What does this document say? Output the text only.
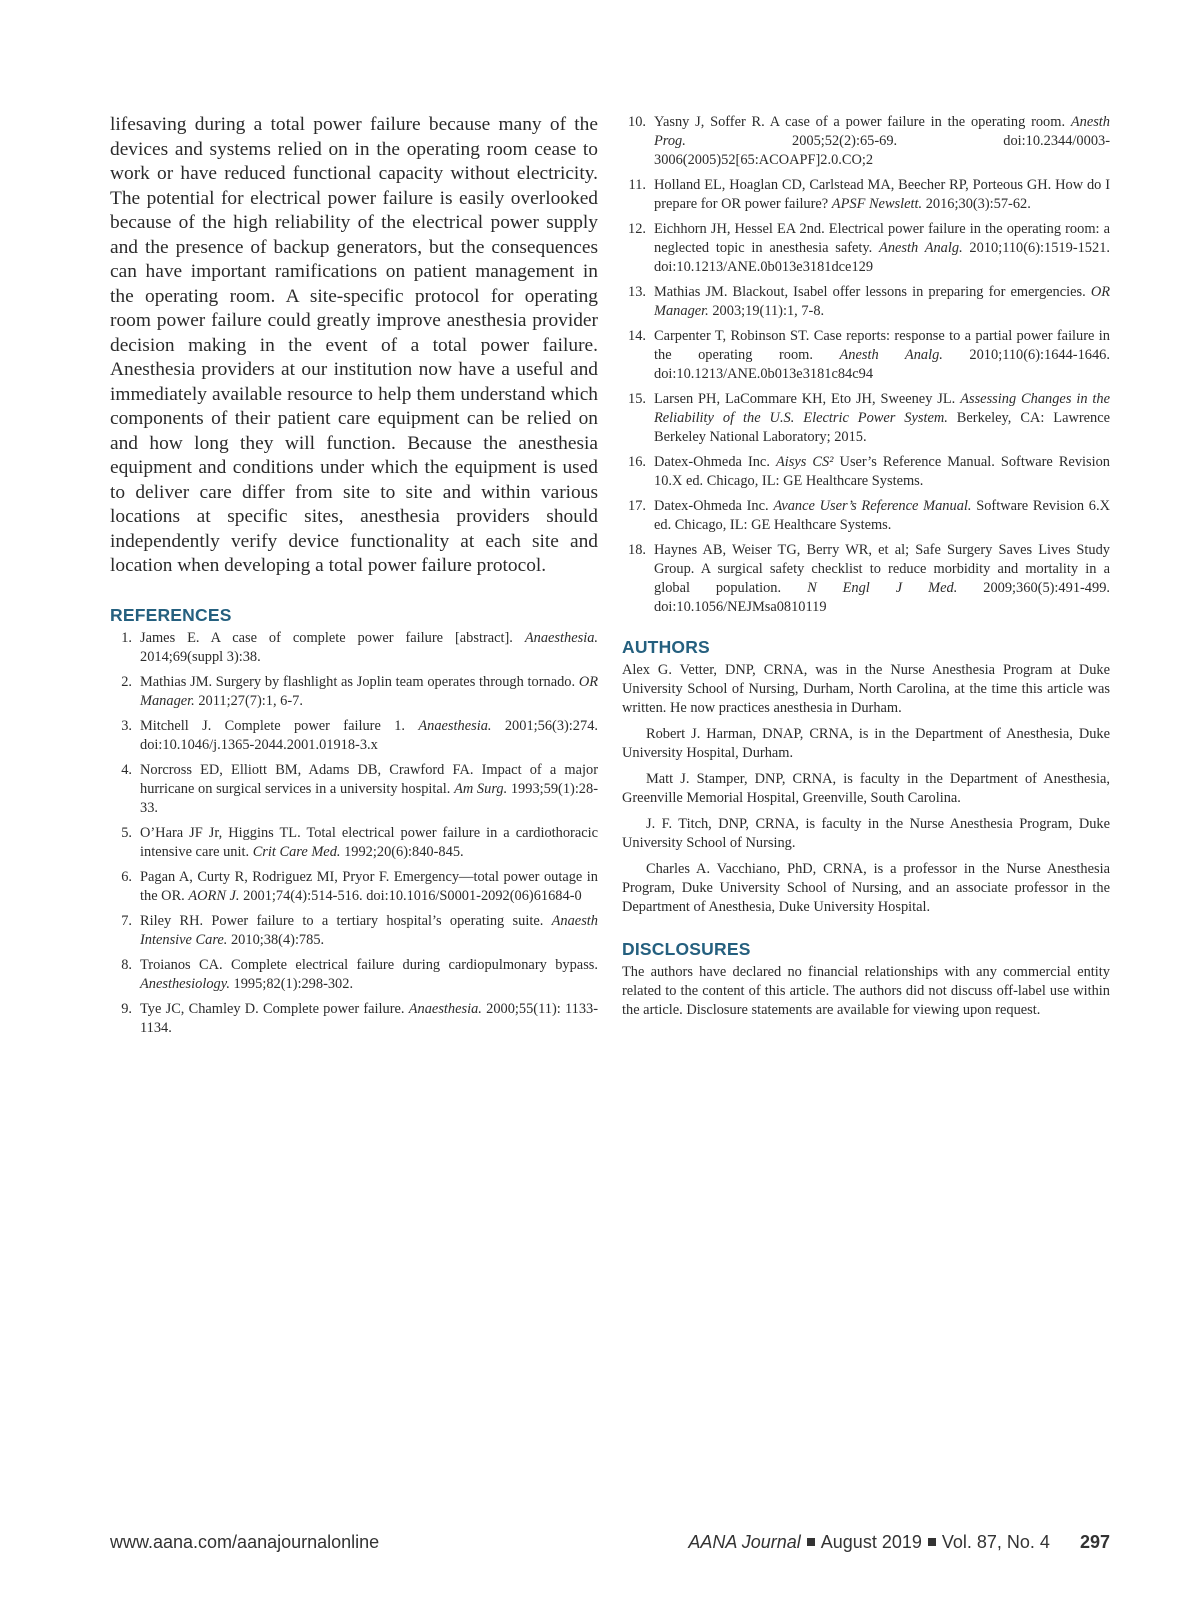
lifesaving during a total power failure because many of the devices and systems relied on in the operating room cease to work or have reduced functional capacity without electricity. The potential for electrical power failure is easily overlooked because of the high reliability of the electrical power supply and the presence of backup generators, but the consequences can have important ramifications on patient management in the operating room. A site-specific protocol for operating room power failure could greatly improve anesthesia provider decision making in the event of a total power failure. Anesthesia providers at our institution now have a useful and immediately available resource to help them understand which components of their patient care equipment can be relied on and how long they will function. Because the anesthesia equipment and conditions under which the equipment is used to deliver care differ from site to site and within various locations at specific sites, anesthesia providers should independently verify device functionality at each site and location when developing a total power failure protocol.

REFERENCES
1. James E. A case of complete power failure [abstract]. Anaesthesia. 2014;69(suppl 3):38.
2. Mathias JM. Surgery by flashlight as Joplin team operates through tornado. OR Manager. 2011;27(7):1, 6-7.
3. Mitchell J. Complete power failure 1. Anaesthesia. 2001;56(3):274. doi:10.1046/j.1365-2044.2001.01918-3.x
4. Norcross ED, Elliott BM, Adams DB, Crawford FA. Impact of a major hurricane on surgical services in a university hospital. Am Surg. 1993;59(1):28-33.
5. O’Hara JF Jr, Higgins TL. Total electrical power failure in a cardiothoracic intensive care unit. Crit Care Med. 1992;20(6):840-845.
6. Pagan A, Curty R, Rodriguez MI, Pryor F. Emergency—total power outage in the OR. AORN J. 2001;74(4):514-516. doi:10.1016/S0001-2092(06)61684-0
7. Riley RH. Power failure to a tertiary hospital’s operating suite. Anaesth Intensive Care. 2010;38(4):785.
8. Troianos CA. Complete electrical failure during cardiopulmonary bypass. Anesthesiology. 1995;82(1):298-302.
9. Tye JC, Chamley D. Complete power failure. Anaesthesia. 2000;55(11): 1133-1134.
10. Yasny J, Soffer R. A case of a power failure in the operating room. Anesth Prog. 2005;52(2):65-69. doi:10.2344/0003-3006(2005)52[65:ACOAPF]2.0.CO;2
11. Holland EL, Hoaglan CD, Carlstead MA, Beecher RP, Porteous GH. How do I prepare for OR power failure? APSF Newslett. 2016;30(3):57-62.
12. Eichhorn JH, Hessel EA 2nd. Electrical power failure in the operating room: a neglected topic in anesthesia safety. Anesth Analg. 2010;110(6):1519-1521. doi:10.1213/ANE.0b013e3181dce129
13. Mathias JM. Blackout, Isabel offer lessons in preparing for emergencies. OR Manager. 2003;19(11):1, 7-8.
14. Carpenter T, Robinson ST. Case reports: response to a partial power failure in the operating room. Anesth Analg. 2010;110(6):1644-1646. doi:10.1213/ANE.0b013e3181c84c94
15. Larsen PH, LaCommare KH, Eto JH, Sweeney JL. Assessing Changes in the Reliability of the U.S. Electric Power System. Berkeley, CA: Lawrence Berkeley National Laboratory; 2015.
16. Datex-Ohmeda Inc. Aisys CS² User’s Reference Manual. Software Revision 10.X ed. Chicago, IL: GE Healthcare Systems.
17. Datex-Ohmeda Inc. Avance User’s Reference Manual. Software Revision 6.X ed. Chicago, IL: GE Healthcare Systems.
18. Haynes AB, Weiser TG, Berry WR, et al; Safe Surgery Saves Lives Study Group. A surgical safety checklist to reduce morbidity and mortality in a global population. N Engl J Med. 2009;360(5):491-499. doi:10.1056/NEJMsa0810119
AUTHORS

Alex G. Vetter, DNP, CRNA, was in the Nurse Anesthesia Program at Duke University School of Nursing, Durham, North Carolina, at the time this article was written. He now practices anesthesia in Durham.

Robert J. Harman, DNAP, CRNA, is in the Department of Anesthesia, Duke University Hospital, Durham.

Matt J. Stamper, DNP, CRNA, is faculty in the Department of Anesthesia, Greenville Memorial Hospital, Greenville, South Carolina.

J. F. Titch, DNP, CRNA, is faculty in the Nurse Anesthesia Program, Duke University School of Nursing.

Charles A. Vacchiano, PhD, CRNA, is a professor in the Nurse Anesthesia Program, Duke University School of Nursing, and an associate professor in the Department of Anesthesia, Duke University Hospital.

DISCLOSURES

The authors have declared no financial relationships with any commercial entity related to the content of this article. The authors did not discuss off-label use within the article. Disclosure statements are available for viewing upon request.

www.aana.com/aanajournalonline	AANA Journal August 2019 Vol. 87, No. 4 297
